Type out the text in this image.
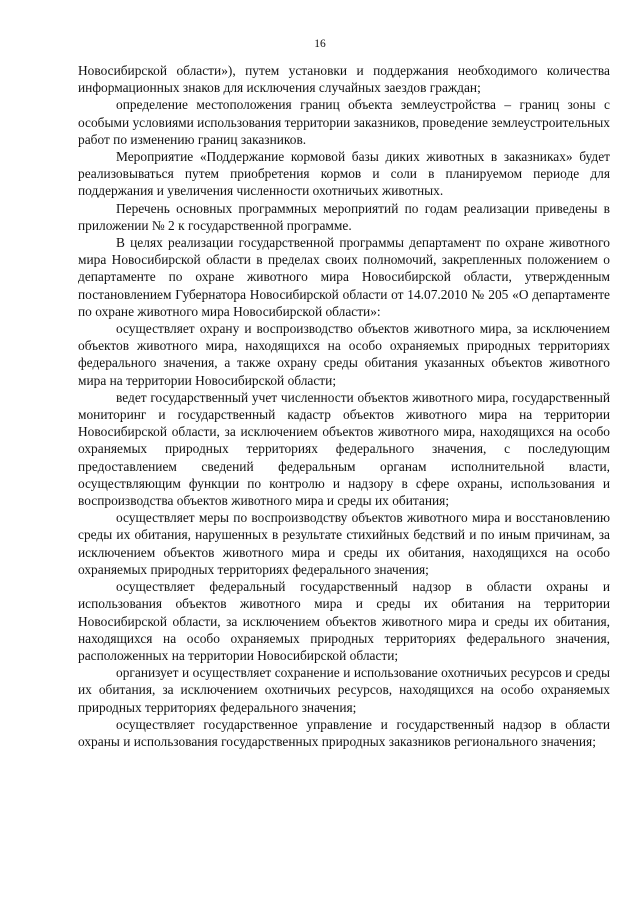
16

Новосибирской области»), путем установки и поддержания необходимого количества информационных знаков для исключения случайных заездов граждан;

определение местоположения границ объекта землеустройства – границ зоны с особыми условиями использования территории заказников, проведение землеустроительных работ по изменению границ заказников.

Мероприятие «Поддержание кормовой базы диких животных в заказниках» будет реализовываться путем приобретения кормов и соли в планируемом периоде для поддержания и увеличения численности охотничьих животных.

Перечень основных программных мероприятий по годам реализации приведены в приложении № 2 к государственной программе.

В целях реализации государственной программы департамент по охране животного мира Новосибирской области в пределах своих полномочий, закрепленных положением о департаменте по охране животного мира Новосибирской области, утвержденным постановлением Губернатора Новосибирской области от 14.07.2010 № 205 «О департаменте по охране животного мира Новосибирской области»:

осуществляет охрану и воспроизводство объектов животного мира, за исключением объектов животного мира, находящихся на особо охраняемых природных территориях федерального значения, а также охрану среды обитания указанных объектов животного мира на территории Новосибирской области;

ведет государственный учет численности объектов животного мира, государственный мониторинг и государственный кадастр объектов животного мира на территории Новосибирской области, за исключением объектов животного мира, находящихся на особо охраняемых природных территориях федерального значения, с последующим предоставлением сведений федеральным органам исполнительной власти, осуществляющим функции по контролю и надзору в сфере охраны, использования и воспроизводства объектов животного мира и среды их обитания;

осуществляет меры по воспроизводству объектов животного мира и восстановлению среды их обитания, нарушенных в результате стихийных бедствий и по иным причинам, за исключением объектов животного мира и среды их обитания, находящихся на особо охраняемых природных территориях федерального значения;

осуществляет федеральный государственный надзор в области охраны и использования объектов животного мира и среды их обитания на территории Новосибирской области, за исключением объектов животного мира и среды их обитания, находящихся на особо охраняемых природных территориях федерального значения, расположенных на территории Новосибирской области;

организует и осуществляет сохранение и использование охотничьих ресурсов и среды их обитания, за исключением охотничьих ресурсов, находящихся на особо охраняемых природных территориях федерального значения;

осуществляет государственное управление и государственный надзор в области охраны и использования государственных природных заказников регионального значения;
